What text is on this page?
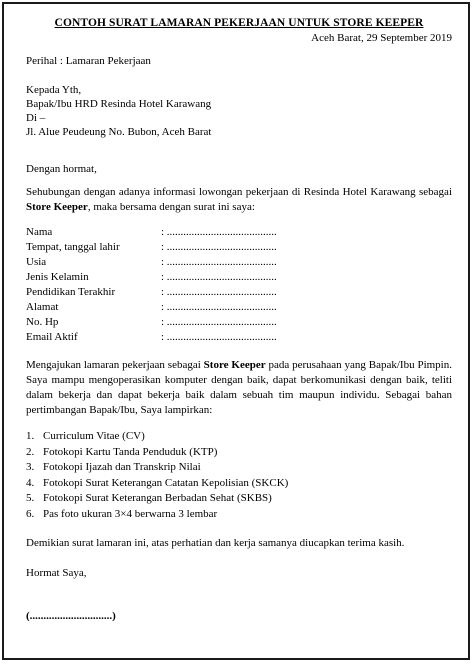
CONTOH SURAT LAMARAN PEKERJAAN UNTUK STORE KEEPER
Aceh Barat, 29 September 2019
Perihal : Lamaran Pekerjaan
Kepada Yth,
Bapak/Ibu HRD Resinda Hotel Karawang
Di –
Jl. Alue Peudeung No. Bubon, Aceh Barat
Dengan hormat,
Sehubungan dengan adanya informasi lowongan pekerjaan di Resinda Hotel Karawang sebagai Store Keeper, maka bersama dengan surat ini saya:
Nama	: ........................................
Tempat, tanggal lahir	: ........................................
Usia	: ........................................
Jenis Kelamin	: ........................................
Pendidikan Terakhir	: ........................................
Alamat	: ........................................
No. Hp	: ........................................
Email Aktif	: ........................................
Mengajukan lamaran pekerjaan sebagai Store Keeper pada perusahaan yang Bapak/Ibu Pimpin. Saya mampu mengoperasikan komputer dengan baik, dapat berkomunikasi dengan baik, teliti dalam bekerja dan dapat bekerja baik dalam sebuah tim maupun individu. Sebagai bahan pertimbangan Bapak/Ibu, Saya lampirkan:
1. Curriculum Vitae (CV)
2. Fotokopi Kartu Tanda Penduduk (KTP)
3. Fotokopi Ijazah dan Transkrip Nilai
4. Fotokopi Surat Keterangan Catatan Kepolisian (SKCK)
5. Fotokopi Surat Keterangan Berbadan Sehat (SKBS)
6. Pas foto ukuran 3×4 berwarna 3 lembar
Demikian surat lamaran ini, atas perhatian dan kerja samanya diucapkan terima kasih.
Hormat Saya,
(..............................)
